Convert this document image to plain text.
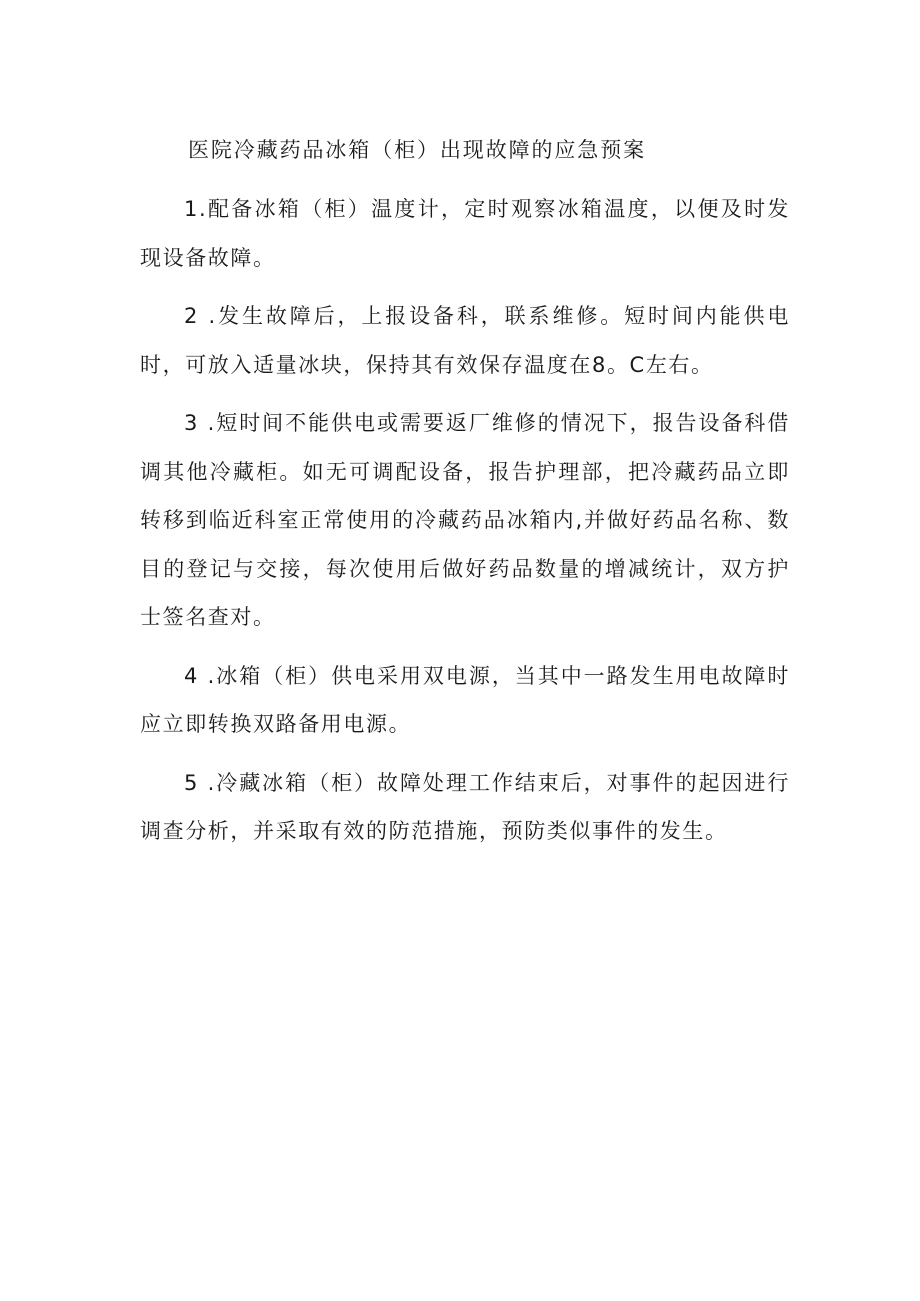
医院冷藏药品冰箱（柜）出现故障的应急预案

1.配备冰箱（柜）温度计，定时观察冰箱温度，以便及时发现设备故障。

2 .发生故障后，上报设备科，联系维修。短时间内能供电时，可放入适量冰块，保持其有效保存温度在8。C左右。

3 .短时间不能供电或需要返厂维修的情况下，报告设备科借调其他冷藏柜。如无可调配设备，报告护理部，把冷藏药品立即转移到临近科室正常使用的冷藏药品冰箱内,并做好药品名称、数目的登记与交接，每次使用后做好药品数量的增减统计，双方护士签名查对。

4 .冰箱（柜）供电采用双电源，当其中一路发生用电故障时应立即转换双路备用电源。

5 .冷藏冰箱（柜）故障处理工作结束后，对事件的起因进行调查分析，并采取有效的防范措施，预防类似事件的发生。
